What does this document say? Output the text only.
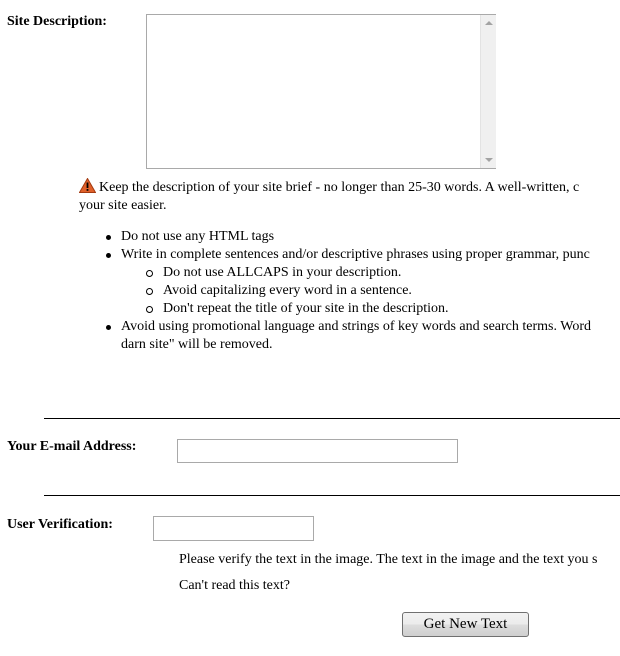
Site Description:
Keep the description of your site brief - no longer than 25-30 words. A well-written, c
your site easier.
Do not use any HTML tags
Write in complete sentences and/or descriptive phrases using proper grammar, punc
Do not use ALLCAPS in your description.
Avoid capitalizing every word in a sentence.
Don't repeat the title of your site in the description.
Avoid using promotional language and strings of key words and search terms. Word
darn site" will be removed.
Your E-mail Address:
User Verification:
Please verify the text in the image. The text in the image and the text you s
Can't read this text?
Get New Text
